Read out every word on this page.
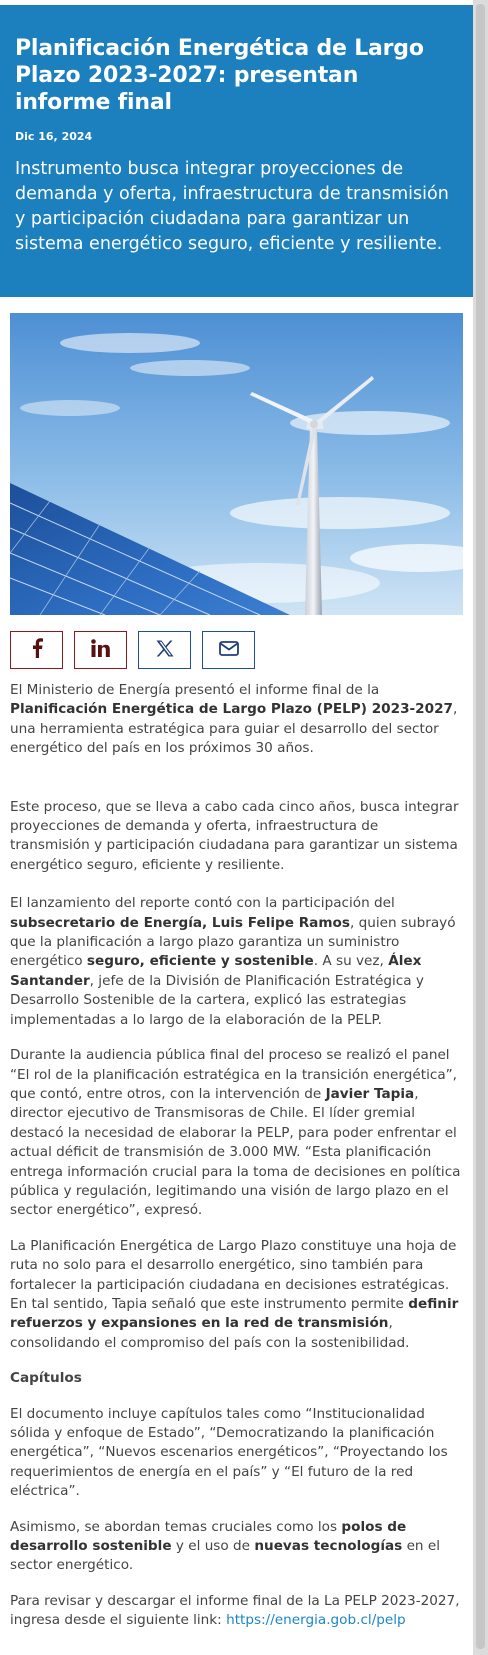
Planificación Energética de Largo Plazo 2023-2027: presentan informe final
Dic 16, 2024
Instrumento busca integrar proyecciones de demanda y oferta, infraestructura de transmisión y participación ciudadana para garantizar un sistema energético seguro, eficiente y resiliente.

El Ministerio de Energía presentó el informe final de la Planificación Energética de Largo Plazo (PELP) 2023-2027, una herramienta estratégica para guiar el desarrollo del sector energético del país en los próximos 30 años.

Este proceso, que se lleva a cabo cada cinco años, busca integrar proyecciones de demanda y oferta, infraestructura de transmisión y participación ciudadana para garantizar un sistema energético seguro, eficiente y resiliente.

El lanzamiento del reporte contó con la participación del subsecretario de Energía, Luis Felipe Ramos, quien subrayó que la planificación a largo plazo garantiza un suministro energético seguro, eficiente y sostenible. A su vez, Álex Santander, jefe de la División de Planificación Estratégica y Desarrollo Sostenible de la cartera, explicó las estrategias implementadas a lo largo de la elaboración de la PELP.

Durante la audiencia pública final del proceso se realizó el panel “El rol de la planificación estratégica en la transición energética”, que contó, entre otros, con la intervención de Javier Tapia, director ejecutivo de Transmisoras de Chile. El líder gremial destacó la necesidad de elaborar la PELP, para poder enfrentar el actual déficit de transmisión de 3.000 MW. “Esta planificación entrega información crucial para la toma de decisiones en política pública y regulación, legitimando una visión de largo plazo en el sector energético”, expresó.

La Planificación Energética de Largo Plazo constituye una hoja de ruta no solo para el desarrollo energético, sino también para fortalecer la participación ciudadana en decisiones estratégicas. En tal sentido, Tapia señaló que este instrumento permite definir refuerzos y expansiones en la red de transmisión, consolidando el compromiso del país con la sostenibilidad.

Capítulos

El documento incluye capítulos tales como “Institucionalidad sólida y enfoque de Estado”, “Democratizando la planificación energética”, “Nuevos escenarios energéticos”, “Proyectando los requerimientos de energía en el país” y “El futuro de la red eléctrica”.

Asimismo, se abordan temas cruciales como los polos de desarrollo sostenible y el uso de nuevas tecnologías en el sector energético.

Para revisar y descargar el informe final de la La PELP 2023-2027, ingresa desde el siguiente link: https://energia.gob.cl/pelp
